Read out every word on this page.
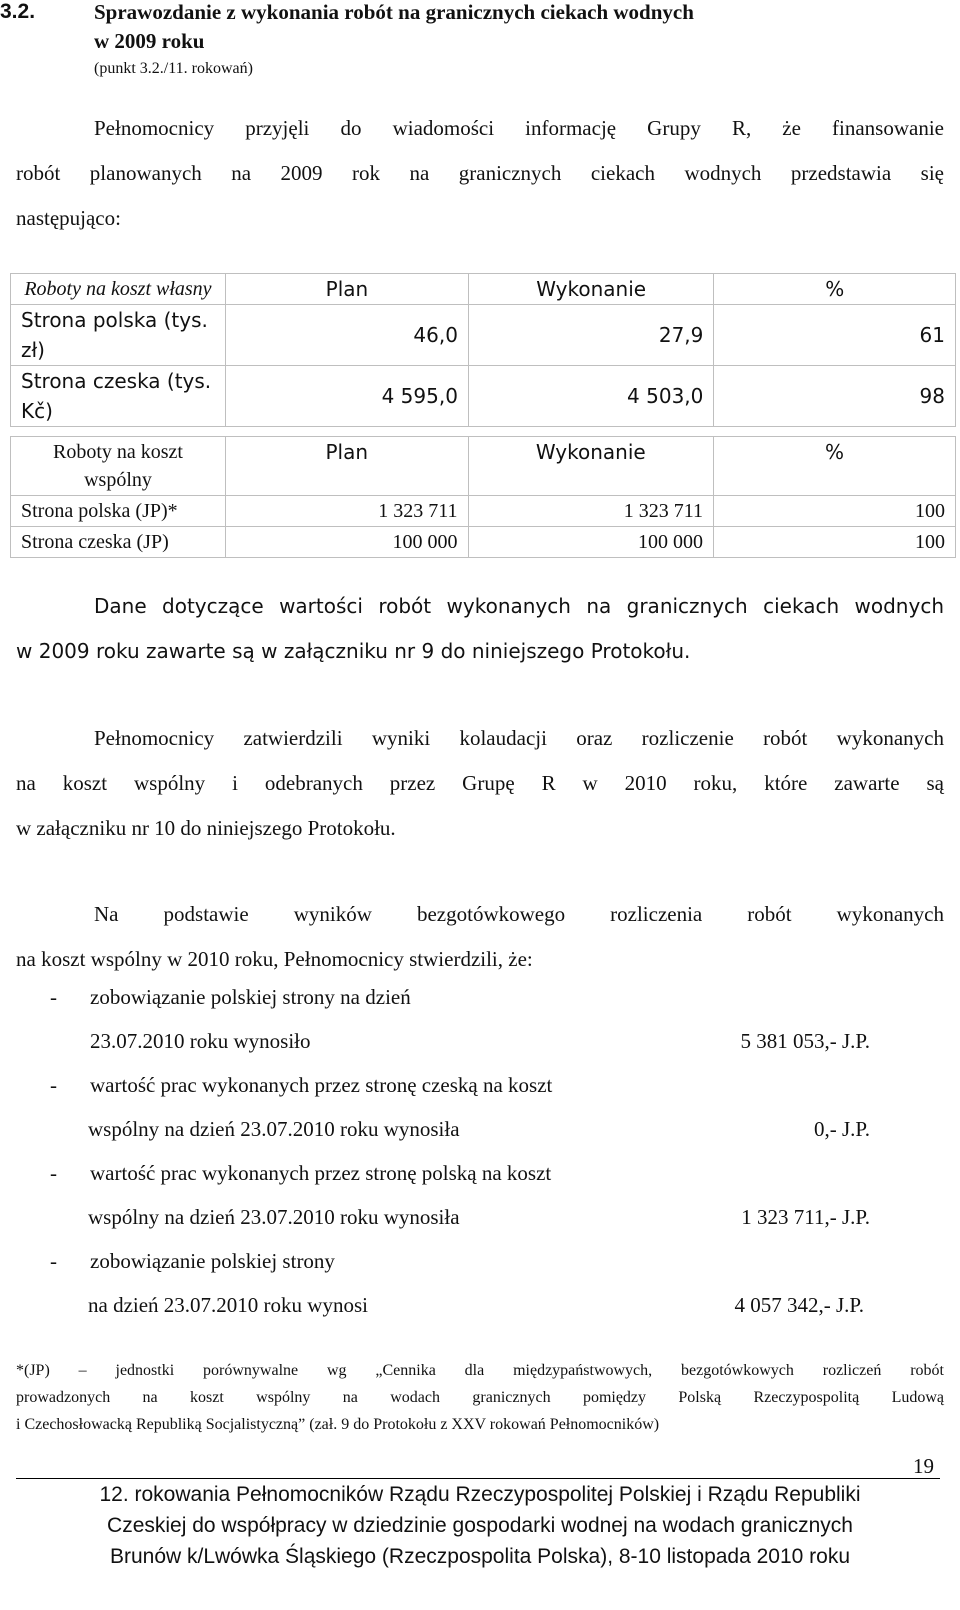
3.2.	Sprawozdanie z wykonania robót na granicznych ciekach wodnych
w 2009 roku
(punkt 3.2./11. rokowań)
Pełnomocnicy przyjęli do wiadomości informację Grupy R, że finansowanie
robót planowanych na 2009 rok na granicznych ciekach wodnych przedstawia się
następująco:
Roboty na koszt własny	Plan	Wykonanie	%
Strona polska (tys. zł)	46,0	27,9	61
Strona czeska (tys. Kč)	4 595,0	4 503,0	98
Roboty na koszt
wspólny	Plan	Wykonanie	%
Strona polska (JP)*	1 323 711	1 323 711	100
Strona czeska (JP)	100 000	100 000	100
Dane dotyczące wartości robót wykonanych na granicznych ciekach wodnych
w 2009 roku zawarte są w załączniku nr 9 do niniejszego Protokołu.
Pełnomocnicy zatwierdzili wyniki kolaudacji oraz rozliczenie robót wykonanych
na koszt wspólny i odebranych przez Grupę R w 2010 roku, które zawarte są
w załączniku nr 10 do niniejszego Protokołu.
Na podstawie wyników bezgotówkowego rozliczenia robót wykonanych
na koszt wspólny w 2010 roku, Pełnomocnicy stwierdzili, że:
- zobowiązanie polskiej strony na dzień
23.07.2010 roku wynosiło	5 381 053,- J.P.
- wartość prac wykonanych przez stronę czeską na koszt
wspólny na dzień 23.07.2010 roku wynosiła	0,- J.P.
- wartość prac wykonanych przez stronę polską na koszt
wspólny na dzień 23.07.2010 roku wynosiła	1 323 711,- J.P.
- zobowiązanie polskiej strony
na dzień 23.07.2010 roku wynosi	4 057 342,- J.P.
*(JP) – jednostki porównywalne wg „Cennika dla międzypaństwowych, bezgotówkowych rozliczeń robót
prowadzonych na koszt wspólny na wodach granicznych pomiędzy Polską Rzeczypospolitą Ludową
i Czechosłowacką Republiką Socjalistyczną” (zał. 9 do Protokołu z XXV rokowań Pełnomocników)
19
12. rokowania Pełnomocników Rządu Rzeczypospolitej Polskiej i Rządu Republiki
Czeskiej do współpracy w dziedzinie gospodarki wodnej na wodach granicznych
Brunów k/Lwówka Śląskiego (Rzeczpospolita Polska), 8-10 listopada 2010 roku
